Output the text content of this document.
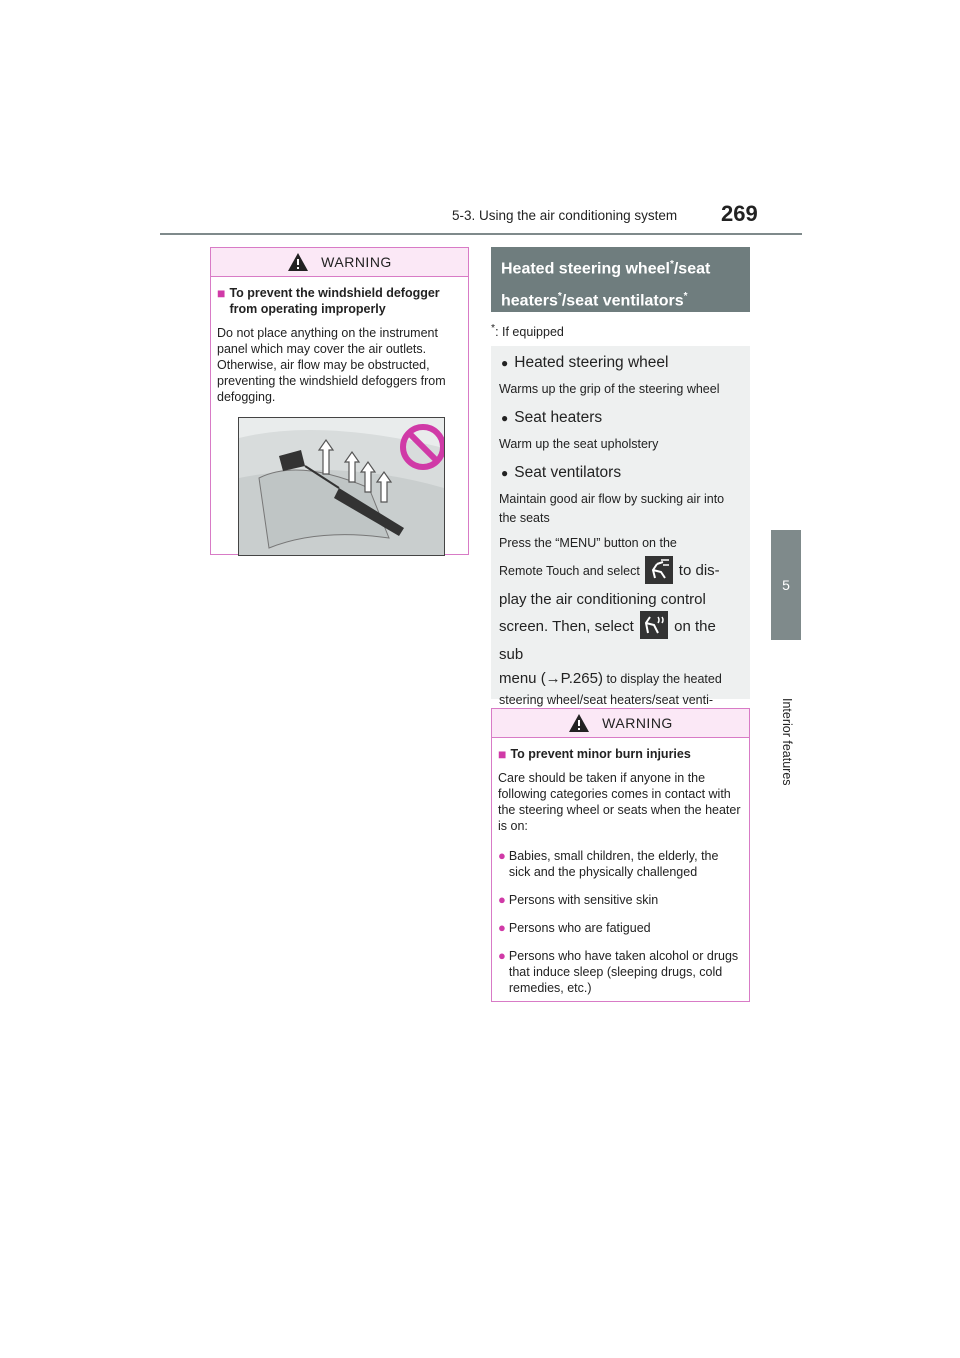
5-3. Using the air conditioning system 269
5
Interior features
WARNING
■ To prevent the windshield defogger from operating improperly
Do not place anything on the instrument panel which may cover the air outlets. Otherwise, air flow may be obstructed, preventing the windshield defoggers from defogging.
Heated steering wheel*/seat
heaters*/seat ventilators*
*: If equipped
● Heated steering wheel
Warms up the grip of the steering wheel
● Seat heaters
Warm up the seat upholstery
● Seat ventilators
Maintain good air flow by sucking air into the seats
Press the “MENU” button on the
Remote Touch and select	to dis-
play the air conditioning control
screen. Then, select	on the sub
menu (→P.265) to display the heated
steering wheel/seat heaters/seat venti-
WARNING
■ To prevent minor burn injuries
Care should be taken if anyone in the following categories comes in contact with the steering wheel or seats when the heater is on:
● Babies, small children, the elderly, the sick and the physically challenged
● Persons with sensitive skin
● Persons who are fatigued
● Persons who have taken alcohol or drugs that induce sleep (sleeping drugs, cold remedies, etc.)
